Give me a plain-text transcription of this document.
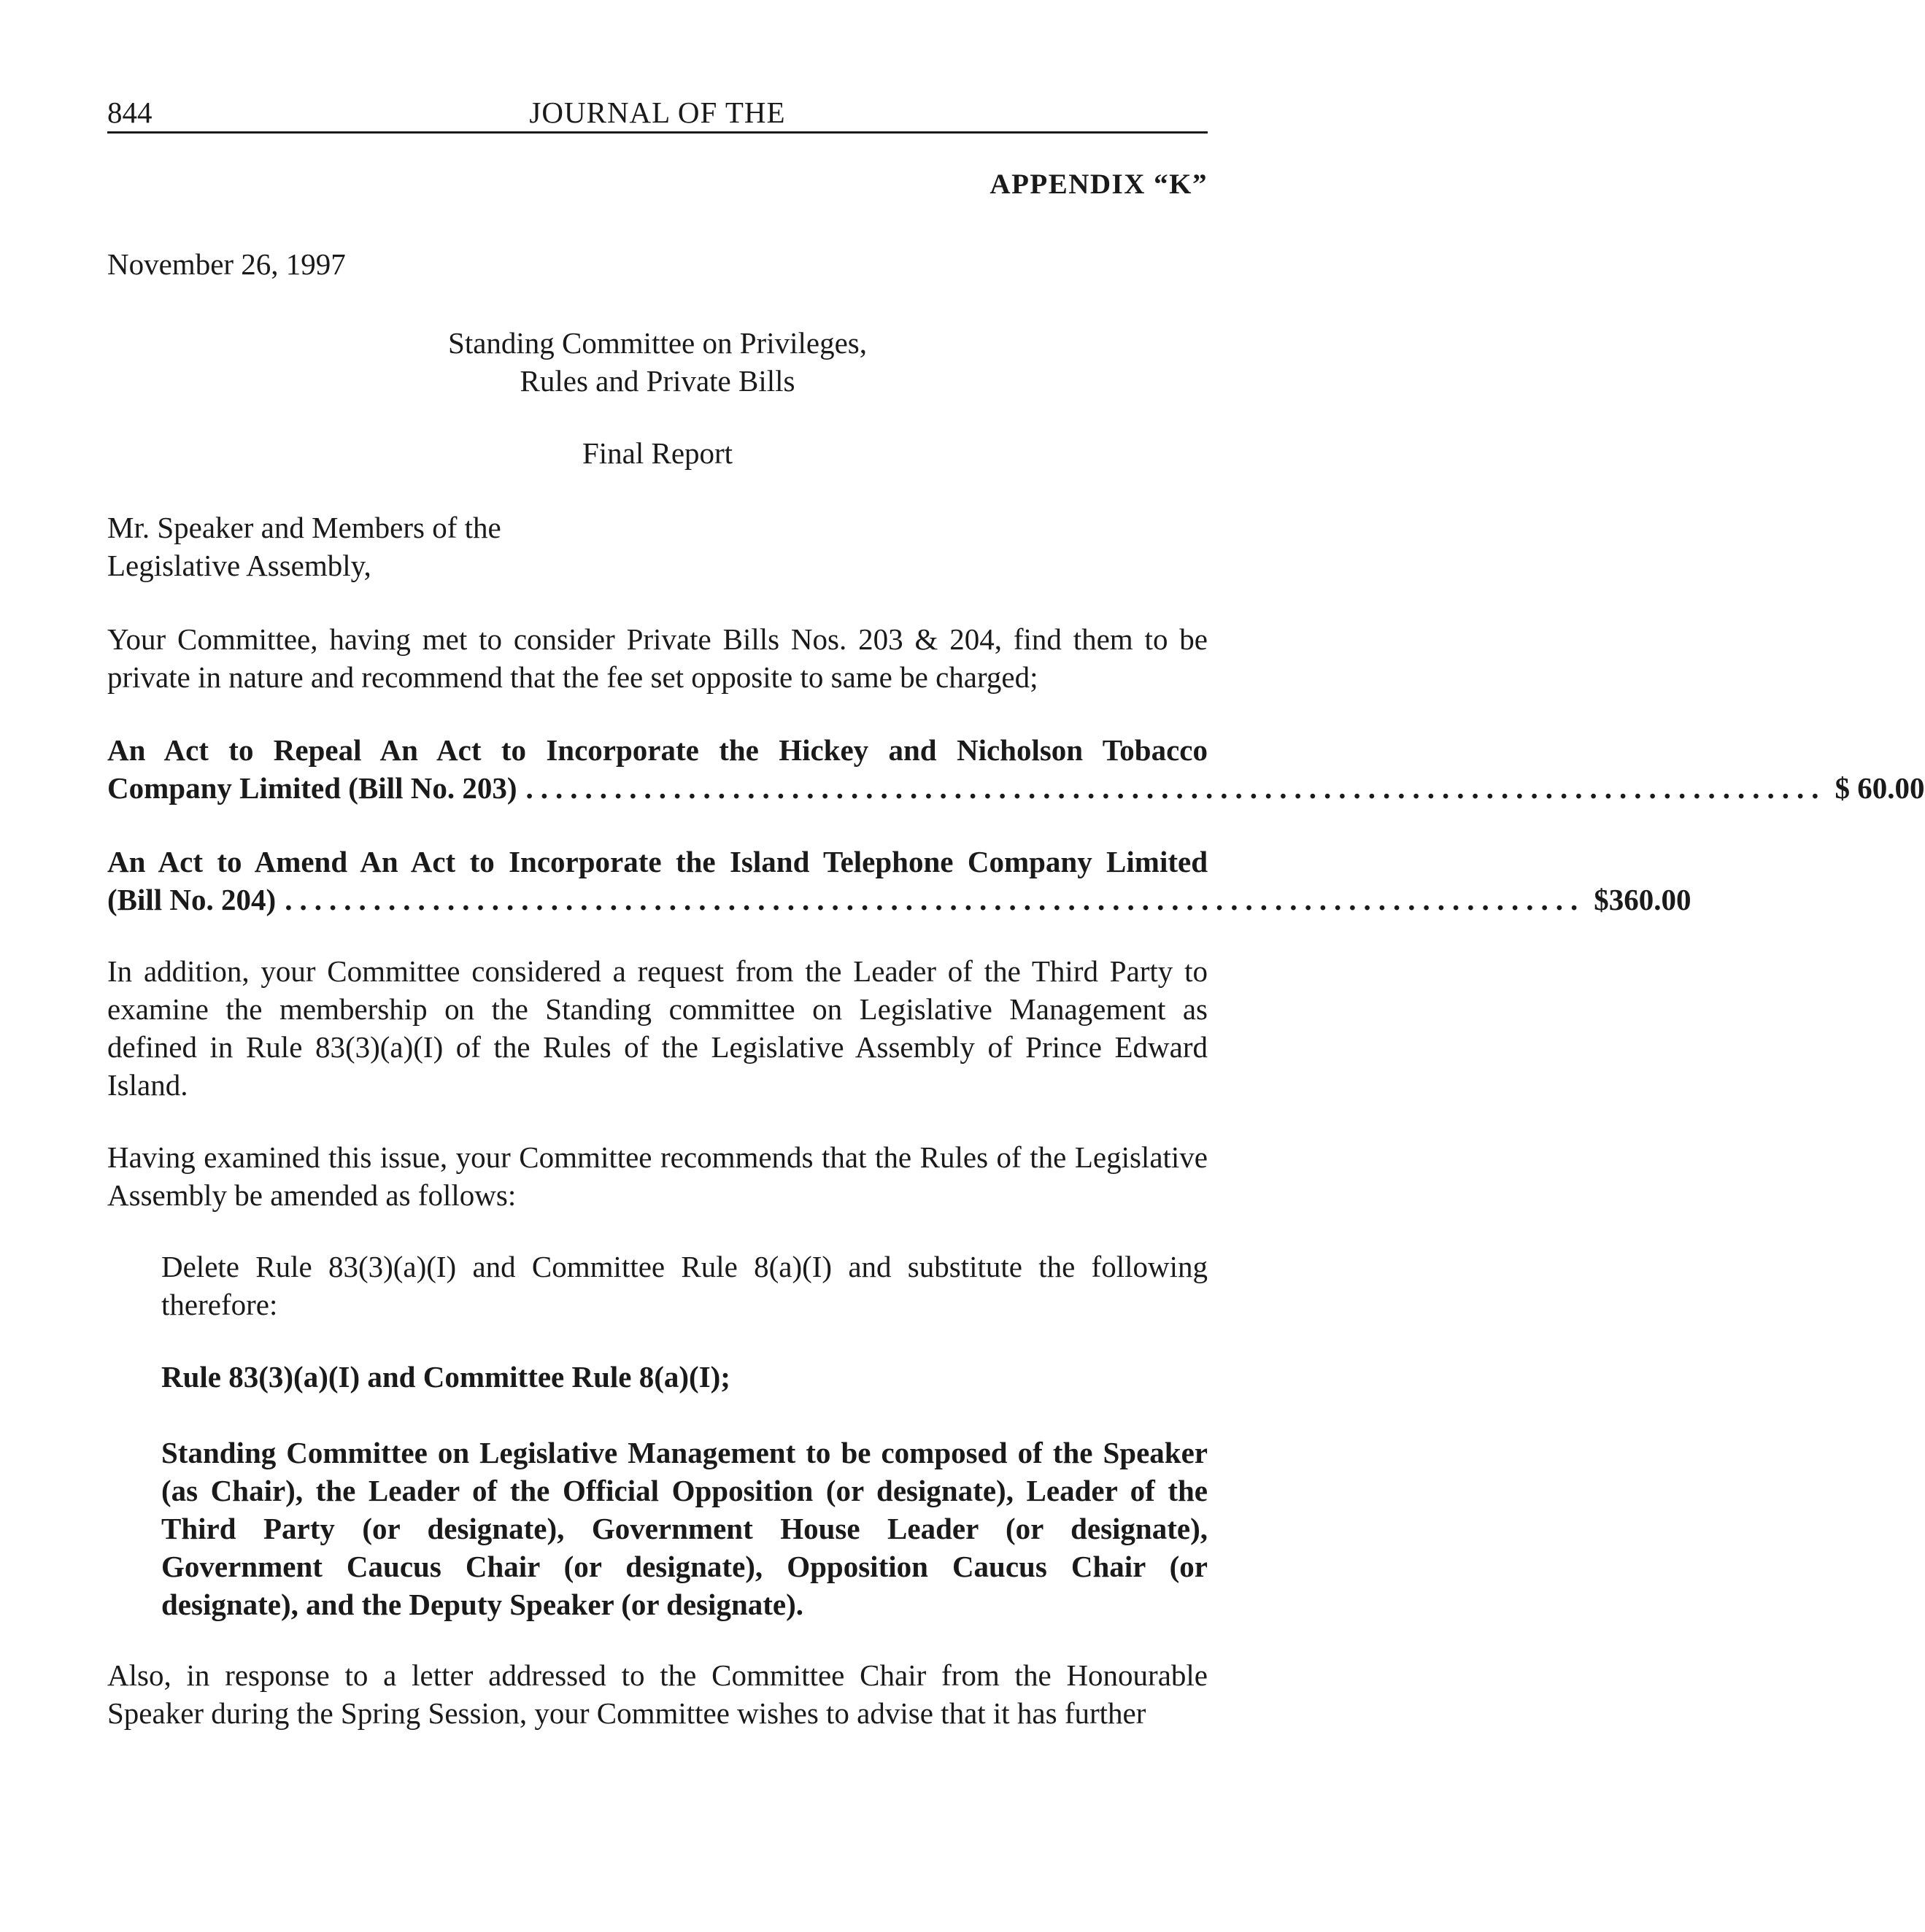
844	JOURNAL OF THE
APPENDIX “K”
November 26, 1997
Standing Committee on Privileges,
Rules and Private Bills
Final Report
Mr. Speaker and Members of the
Legislative Assembly,
Your Committee, having met to consider Private Bills Nos. 203 & 204, find them to be private in nature and recommend that the fee set opposite to same be charged;
An Act to Repeal An Act to Incorporate the Hickey and Nicholson Tobacco
Company Limited (Bill No. 203) ........................................................................................ $ 60.00
An Act to Amend An Act to Incorporate the Island Telephone Company Limited
(Bill No. 204) ........................................................................................ $360.00
In addition, your Committee considered a request from the Leader of the Third Party to examine the membership on the Standing committee on Legislative Management as defined in Rule 83(3)(a)(I) of the Rules of the Legislative Assembly of Prince Edward Island.
Having examined this issue, your Committee recommends that the Rules of the Legislative Assembly be amended as follows:
Delete Rule 83(3)(a)(I) and Committee Rule 8(a)(I) and substitute the following therefore:
Rule 83(3)(a)(I) and Committee Rule 8(a)(I);
Standing Committee on Legislative Management to be composed of the Speaker (as Chair), the Leader of the Official Opposition (or designate), Leader of the Third Party (or designate), Government House Leader (or designate), Government Caucus Chair (or designate), Opposition Caucus Chair (or designate), and the Deputy Speaker (or designate).
Also, in response to a letter addressed to the Committee Chair from the Honourable Speaker during the Spring Session, your Committee wishes to advise that it has further
